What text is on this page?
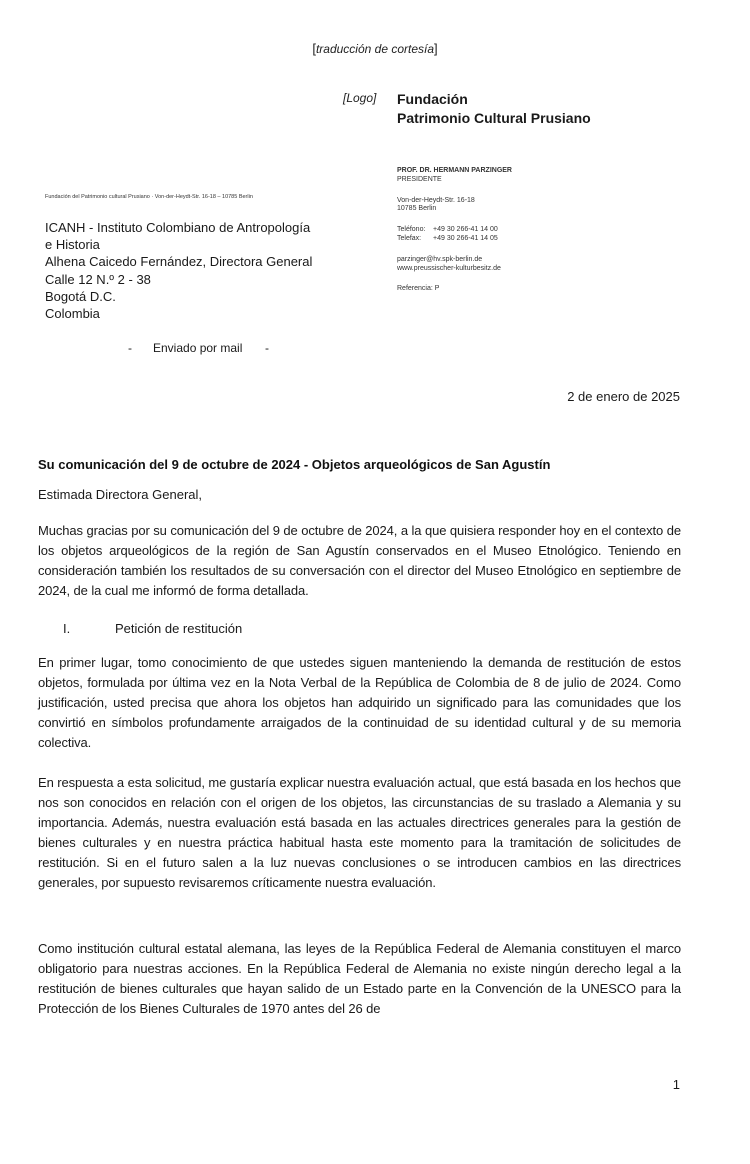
[traducción de cortesía]
[Logo] Fundación
Patrimonio Cultural Prusiano
Fundación del Patrimonio cultural Prusiano · Von-der-Heydt-Str. 16-18 – 10785 Berlin
ICANH - Instituto Colombiano de Antropología
e Historia
Alhena Caicedo Fernández, Directora General
Calle 12 N.º 2 - 38
Bogotá D.C.
Colombia
PROF. DR. HERMANN PARZINGER
PRESIDENTE
Von-der-Heydt-Str. 16-18
10785 Berlin
Teléfono: +49 30 266-41 14 00
Telefax: +49 30 266-41 14 05
parzinger@hv.spk-berlin.de
www.preussischer-kulturbesitz.de
Referencia: P
- Enviado por mail -
2 de enero de 2025
Su comunicación del 9 de octubre de 2024 - Objetos arqueológicos de San Agustín
Estimada Directora General,
Muchas gracias por su comunicación del 9 de octubre de 2024, a la que quisiera responder hoy en el contexto de los objetos arqueológicos de la región de San Agustín conservados en el Museo Etnológico. Teniendo en consideración también los resultados de su conversación con el director del Museo Etnológico en septiembre de 2024, de la cual me informó de forma detallada.
I.	Petición de restitución
En primer lugar, tomo conocimiento de que ustedes siguen manteniendo la demanda de restitución de estos objetos, formulada por última vez en la Nota Verbal de la República de Colombia de 8 de julio de 2024. Como justificación, usted precisa que ahora los objetos han adquirido un significado para las comunidades que los convirtió en símbolos profundamente arraigados de la continuidad de su identidad cultural y de su memoria colectiva.
En respuesta a esta solicitud, me gustaría explicar nuestra evaluación actual, que está basada en los hechos que nos son conocidos en relación con el origen de los objetos, las circunstancias de su traslado a Alemania y su importancia. Además, nuestra evaluación está basada en las actuales directrices generales para la gestión de bienes culturales y en nuestra práctica habitual hasta este momento para la tramitación de solicitudes de restitución. Si en el futuro salen a la luz nuevas conclusiones o se introducen cambios en las directrices generales, por supuesto revisaremos críticamente nuestra evaluación.
Como institución cultural estatal alemana, las leyes de la República Federal de Alemania constituyen el marco obligatorio para nuestras acciones. En la República Federal de Alemania no existe ningún derecho legal a la restitución de bienes culturales que hayan salido de un Estado parte en la Convención de la UNESCO para la Protección de los Bienes Culturales de 1970 antes del 26 de
1
